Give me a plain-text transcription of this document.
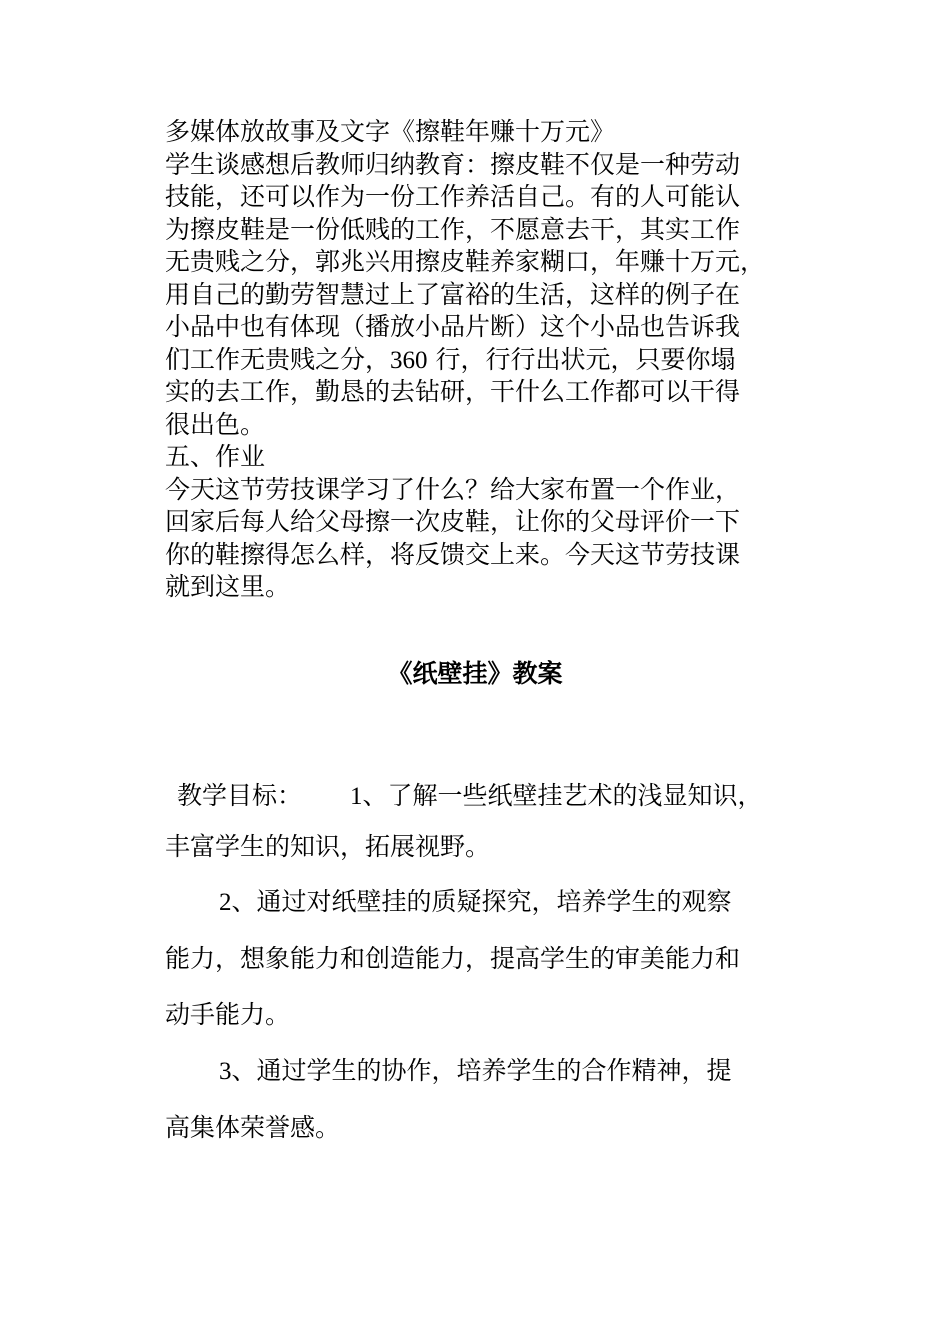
多媒体放故事及文字《擦鞋年赚十万元》
学生谈感想后教师归纳教育：擦皮鞋不仅是一种劳动
技能，还可以作为一份工作养活自己。有的人可能认
为擦皮鞋是一份低贱的工作，不愿意去干，其实工作
无贵贱之分，郭兆兴用擦皮鞋养家糊口，年赚十万元，
用自己的勤劳智慧过上了富裕的生活，这样的例子在
小品中也有体现（播放小品片断）这个小品也告诉我
们工作无贵贱之分，360 行，行行出状元，只要你塌
实的去工作，勤恳的去钻研，干什么工作都可以干得
很出色。
五、作业
今天这节劳技课学习了什么？给大家布置一个作业，
回家后每人给父母擦一次皮鞋，让你的父母评价一下
你的鞋擦得怎么样，将反馈交上来。今天这节劳技课
就到这里。
《纸壁挂》教案
教学目标： 1、了解一些纸壁挂艺术的浅显知识，
丰富学生的知识，拓展视野。
2、通过对纸壁挂的质疑探究，培养学生的观察
能力，想象能力和创造能力，提高学生的审美能力和
动手能力。
3、通过学生的协作，培养学生的合作精神，提
高集体荣誉感。
